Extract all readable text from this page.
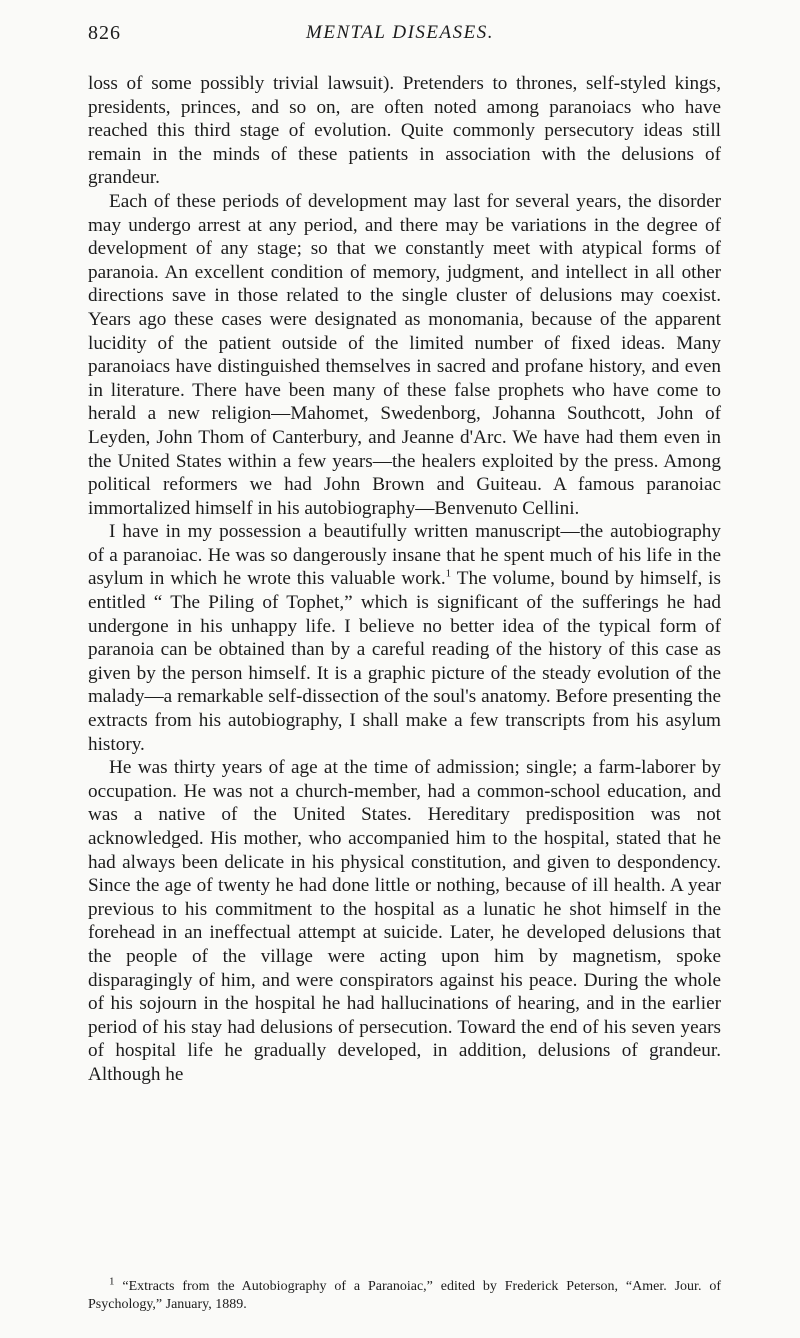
826	MENTAL DISEASES.

loss of some possibly trivial lawsuit). Pretenders to thrones, self-styled kings, presidents, princes, and so on, are often noted among paranoiacs who have reached this third stage of evolution. Quite commonly persecutory ideas still remain in the minds of these patients in association with the delusions of grandeur.

Each of these periods of development may last for several years, the disorder may undergo arrest at any period, and there may be variations in the degree of development of any stage; so that we constantly meet with atypical forms of paranoia. An excellent condition of memory, judgment, and intellect in all other directions save in those related to the single cluster of delusions may coexist. Years ago these cases were designated as monomania, because of the apparent lucidity of the patient outside of the limited number of fixed ideas. Many paranoiacs have distinguished themselves in sacred and profane history, and even in literature. There have been many of these false prophets who have come to herald a new religion—Mahomet, Swedenborg, Johanna Southcott, John of Leyden, John Thom of Canterbury, and Jeanne d'Arc. We have had them even in the United States within a few years—the healers exploited by the press. Among political reformers we had John Brown and Guiteau. A famous paranoiac immortalized himself in his autobiography—Benvenuto Cellini.

I have in my possession a beautifully written manuscript—the autobiography of a paranoiac. He was so dangerously insane that he spent much of his life in the asylum in which he wrote this valuable work.$^1$ The volume, bound by himself, is entitled “ The Piling of Tophet,” which is significant of the sufferings he had undergone in his unhappy life. I believe no better idea of the typical form of paranoia can be obtained than by a careful reading of the history of this case as given by the person himself. It is a graphic picture of the steady evolution of the malady—a remarkable self-dissection of the soul's anatomy. Before presenting the extracts from his autobiography, I shall make a few transcripts from his asylum history.

He was thirty years of age at the time of admission; single; a farm-laborer by occupation. He was not a church-member, had a common-school education, and was a native of the United States. Hereditary predisposition was not acknowledged. His mother, who accompanied him to the hospital, stated that he had always been delicate in his physical constitution, and given to despondency. Since the age of twenty he had done little or nothing, because of ill health. A year previous to his commitment to the hospital as a lunatic he shot himself in the forehead in an ineffectual attempt at suicide. Later, he developed delusions that the people of the village were acting upon him by magnetism, spoke disparagingly of him, and were conspirators against his peace. During the whole of his sojourn in the hospital he had hallucinations of hearing, and in the earlier period of his stay had delusions of persecution. Toward the end of his seven years of hospital life he gradually developed, in addition, delusions of grandeur. Although he

$^1$ “Extracts from the Autobiography of a Paranoiac,” edited by Frederick Peterson, “Amer. Jour. of Psychology,” January, 1889.
